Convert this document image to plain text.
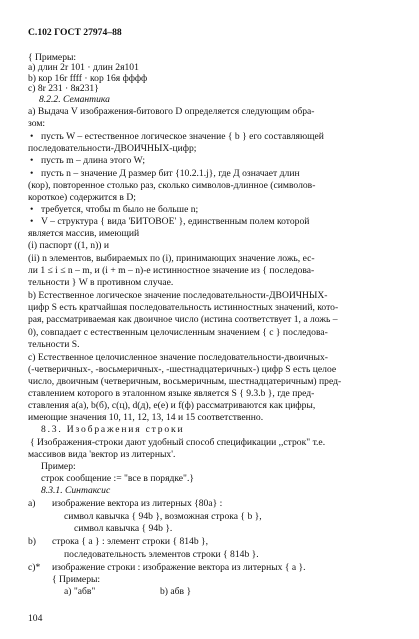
С.102 ГОСТ 27974–88
{ Примеры:
а) длин 2r 101 · длин 2я101
b) кор 16r ffff · кор 16я фффф
c) 8r 231 · 8я231}
8.2.2. Семантика
а) Выдача V изображения-битового D определяется следующим обра-
зом:
• пусть W – естественное логическое значение { b } его составляющей
последовательности-ДВОИЧНЫХ-цифр;
• пусть m – длина этого W;
• пусть n – значение Д размер бит {10.2.1.j}, где Д означает длин
(кор), повторенное столько раз, сколько символов-длинное (символов-
короткое) содержится в D;
• требуется, чтобы m было не больше n;
• V – структура { вида 'БИТОВОЕ' }, единственным полем которой
является массив, имеющий
(i) паспорт ((1, n)) и
(ii) n элементов, выбираемых по (i), принимающих значение ложь, ес-
ли 1 ≤ i ≤ n – m, и (i + m – n)-е истинностное значение из { последова-
тельности } W в противном случае.
b) Естественное логическое значение последовательности-ДВОИЧНЫХ-
цифр S есть кратчайшая последовательность истинностных значений, кото-
рая, рассматриваемая как двоичное число (истина соответствует 1, а ложь –
0), совпадает с естественным целочисленным значением { c } последова-
тельности S.
c) Естественное целочисленное значение последовательности-двоичных-
(-четверичных-, -восьмеричных-, -шестнадцатеричных-) цифр S есть целое
число, двоичным (четверичным, восьмеричным, шестнадцатеричным) пред-
ставлением которого в эталонном языке является S { 9.3.b }, где пред-
ставления а(а), b(б), c(ц), d(д), e(е) и f(ф) рассматриваются как цифры,
имеющие значения 10, 11, 12, 13, 14 и 15 соответственно.
8.3. Изображения строки
{ Изображения-строки дают удобный способ спецификации ,,строк" т.е.
массивов вида 'вектор из литерных'.
Пример:
строк сообщение := "все в порядке".}
8.3.1. Синтаксис
а) изображение вектора из литерных {80a} :
символ кавычка { 94b }, возможная строка { b },
символ кавычка { 94b }.
b) строка { a } : элемент строки { 814b },
последовательность элементов строки { 814b }.
c)* изображение строки : изображение вектора из литерных { a }.
{ Примеры:
а) "абв"	b) абв }
104
